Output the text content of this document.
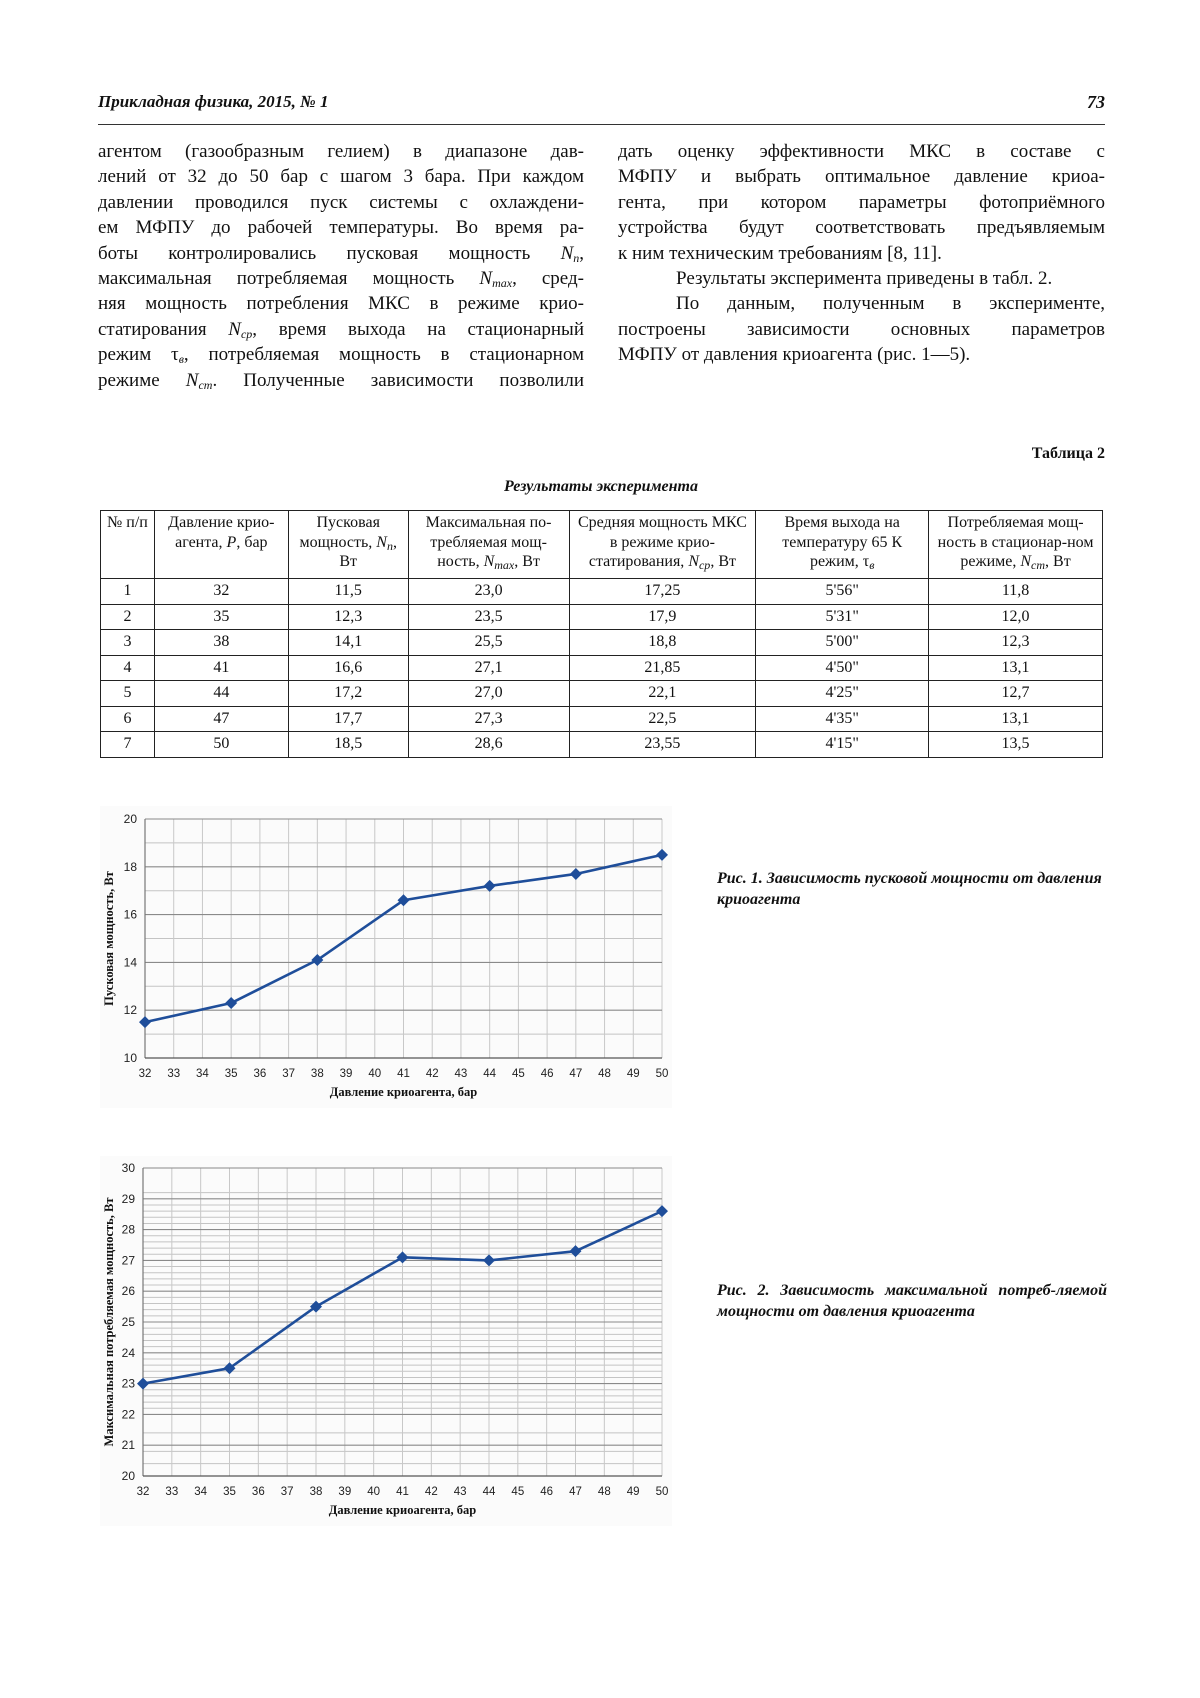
Прикладная физика, 2015, № 1	73
агентом (газообразным гелием) в диапазоне дав-
лений от 32 до 50 бар с шагом 3 бара. При каждом
давлении проводился пуск системы с охлаждени-
ем МФПУ до рабочей температуры. Во время ра-
боты контролировались пусковая мощность $N_п$,
максимальная потребляемая мощность $N_{max}$, сред-
няя мощность потребления МКС в режиме крио-
статирования $N_{ср}$, время выхода на стационарный
режим $\tau_в$, потребляемая мощность в стационарном
режиме $N_{ст}$. Полученные зависимости позволили
дать оценку эффективности МКС в составе с
МФПУ и выбрать оптимальное давление криоа-
гента, при котором параметры фотоприёмного
устройства будут соответствовать предъявляемым
к ним техническим требованиям [8, 11].
Результаты эксперимента приведены в табл. 2.
По данным, полученным в эксперименте,
построены зависимости основных параметров
МФПУ от давления криоагента (рис. 1—5).
Таблица 2
Результаты эксперимента
№ п/п	Давление крио-агента, P, бар	Пусковая мощность, $N_п$, Вт	Максимальная по-требляемая мощ-ность, $N_{max}$, Вт	Средняя мощность МКС в режиме крио-статирования, $N_{ср}$, Вт	Время выхода на температуру 65 К режим, $\tau_в$	Потребляемая мощ-ность в стационар-ном режиме, $N_{ст}$, Вт
1	32	11,5	23,0	17,25	5'56"	11,8
2	35	12,3	23,5	17,9	5'31"	12,0
3	38	14,1	25,5	18,8	5'00"	12,3
4	41	16,6	27,1	21,85	4'50"	13,1
5	44	17,2	27,0	22,1	4'25"	12,7
6	47	17,7	27,3	22,5	4'35"	13,1
7	50	18,5	28,6	23,55	4'15"	13,5
10
12
14
16
18
20
32 33 34 35 36 37 38 39 40 41 42 43 44 45 46 47 48 49 50
Давление криоагента, бар
Пусковая мощность, Вт	Рис. 1. Зависимость пусковой мощности от давления криоагента
20
21
22
23
24
25
26
27
28
29
30
32 33 34 35 36 37 38 39 40 41 42 43 44 45 46 47 48 49 50
Давление криоагента, бар
Максимальная потребляемая мощность, Вт	Рис. 2. Зависимость максимальной потреб-ляемой мощности от давления криоагента
